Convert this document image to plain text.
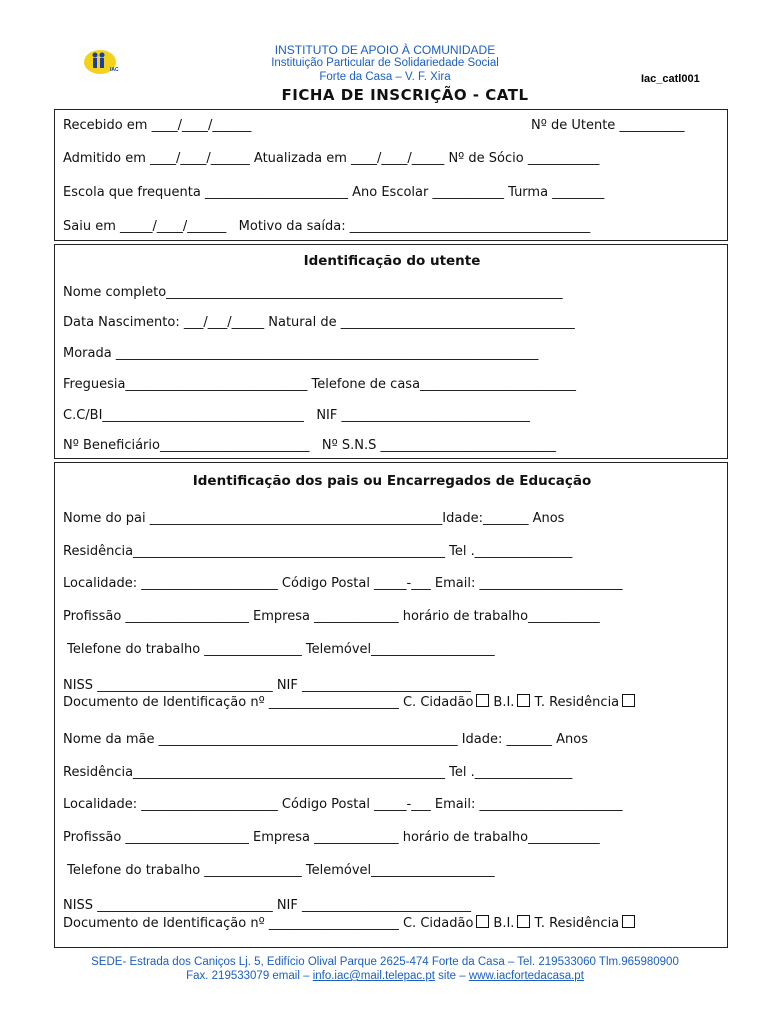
IAC
INSTITUTO DE APOIO À COMUNIDADE
Instituição Particular de Solidariedade Social
Forte da Casa – V. F. Xira	Iac_catl001
FICHA DE INSCRIÇÃO - CATL
Recebido em ____/____/______	Nº de Utente __________
Admitido em ____/____/______ Atualizada em ____/____/_____ Nº de Sócio ___________
Escola que frequenta ______________________ Ano Escolar ___________ Turma ________
Saiu em _____/____/______   Motivo da saída: _____________________________________
Identificação do utente
Nome completo_____________________________________________________________
Data Nascimento: ___/___/_____ Natural de ____________________________________
Morada _________________________________________________________________
Freguesia____________________________ Telefone de casa________________________
C.C/BI_______________________________   NIF _____________________________
Nº Beneficiário_______________________   Nº S.N.S ___________________________
Identificação dos pais ou Encarregados de Educação
Nome do pai _____________________________________________Idade:_______ Anos
Residência________________________________________________ Tel ._______________
Localidade: _____________________ Código Postal _____-___ Email: ______________________
Profissão ___________________ Empresa _____________ horário de trabalho___________
Telefone do trabalho _______________ Telemóvel___________________
NISS ___________________________ NIF __________________________
Documento de Identificação nº ____________________ C. Cidadão B.I. T. Residência
Nome da mãe ______________________________________________ Idade: _______ Anos
Residência________________________________________________ Tel ._______________
Localidade: _____________________ Código Postal _____-___ Email: ______________________
Profissão ___________________ Empresa _____________ horário de trabalho___________
Telefone do trabalho _______________ Telemóvel___________________
NISS ___________________________ NIF __________________________
Documento de Identificação nº ____________________ C. Cidadão B.I. T. Residência
SEDE- Estrada dos Caniços Lj. 5, Edifício Olival Parque 2625-474 Forte da Casa – Tel. 219533060 Tlm.965980900
Fax. 219533079 email – info.iac@mail.telepac.pt site – www.iacfortedacasa.pt
